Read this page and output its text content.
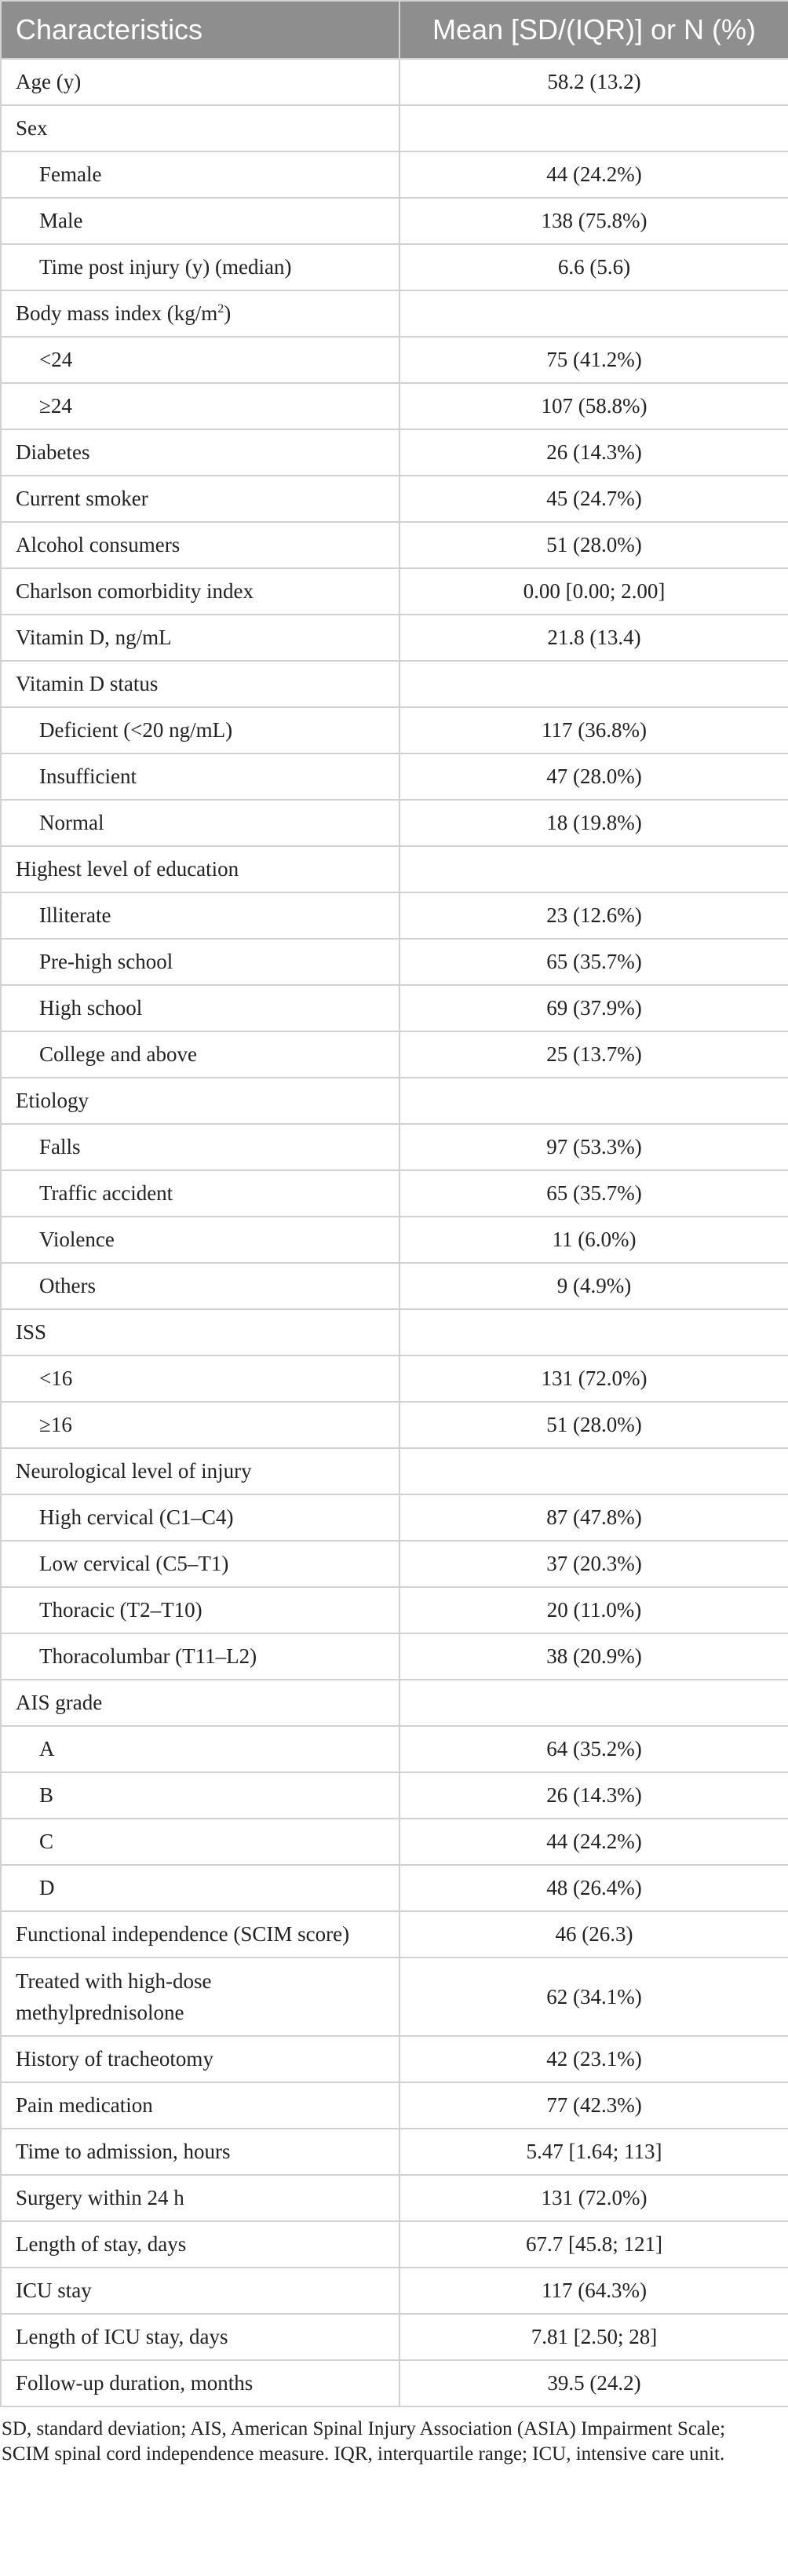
Characteristics	Mean [SD/(IQR)] or N (%)
Age (y)	58.2 (13.2)
Sex	
Female	44 (24.2%)
Male	138 (75.8%)
Time post injury (y) (median)	6.6 (5.6)
Body mass index $(kg/m^2)$	
<24	75 (41.2%)
≥24	107 (58.8%)
Diabetes	26 (14.3%)
Current smoker	45 (24.7%)
Alcohol consumers	51 (28.0%)
Charlson comorbidity index	0.00 [0.00; 2.00]
Vitamin D, ng/mL	21.8 (13.4)
Vitamin D status	
Deficient (<20 ng/mL)	117 (36.8%)
Insufficient	47 (28.0%)
Normal	18 (19.8%)
Highest level of education	
Illiterate	23 (12.6%)
Pre-high school	65 (35.7%)
High school	69 (37.9%)
College and above	25 (13.7%)
Etiology	
Falls	97 (53.3%)
Traffic accident	65 (35.7%)
Violence	11 (6.0%)
Others	9 (4.9%)
ISS	
<16	131 (72.0%)
≥16	51 (28.0%)
Neurological level of injury	
High cervical (C1–C4)	87 (47.8%)
Low cervical (C5–T1)	37 (20.3%)
Thoracic (T2–T10)	20 (11.0%)
Thoracolumbar (T11–L2)	38 (20.9%)
AIS grade	
A	64 (35.2%)
B	26 (14.3%)
C	44 (24.2%)
D	48 (26.4%)
Functional independence (SCIM score)	46 (26.3)
Treated with high-dose methylprednisolone	62 (34.1%)
History of tracheotomy	42 (23.1%)
Pain medication	77 (42.3%)
Time to admission, hours	5.47 [1.64; 113]
Surgery within 24 h	131 (72.0%)
Length of stay, days	67.7 [45.8; 121]
ICU stay	117 (64.3%)
Length of ICU stay, days	7.81 [2.50; 28]
Follow-up duration, months	39.5 (24.2)
SD, standard deviation; AIS, American Spinal Injury Association (ASIA) Impairment Scale;
SCIM spinal cord independence measure. IQR, interquartile range; ICU, intensive care unit.
